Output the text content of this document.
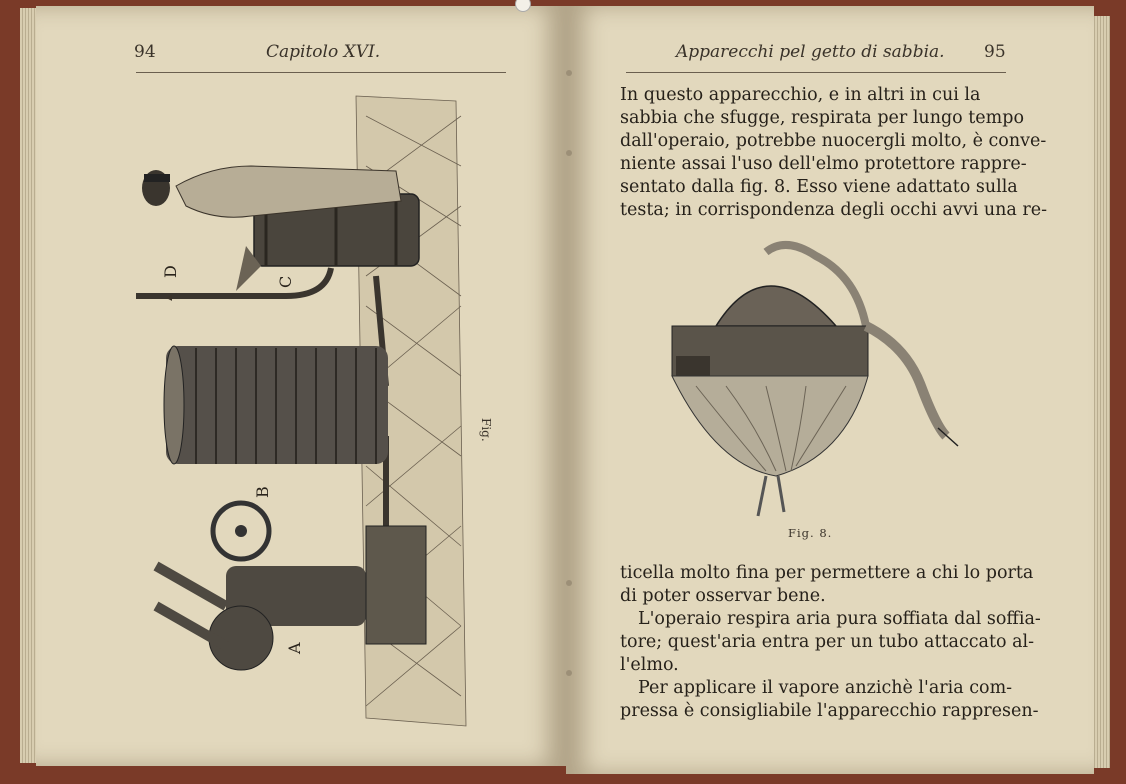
94	Capitolo XVI.
◂
D
C
B
A
Fig.
Apparecchi pel getto di sabbia. 95

In questo apparecchio, e in altri in cui la

sabbia che sfugge, respirata per lungo tempo

dall'operaio, potrebbe nuocergli molto, è conve-

niente assai l'uso dell'elmo protettore rappre-

sentato dalla fig. 8. Esso viene adattato sulla

testa; in corrispondenza degli occhi avvi una re-

Fig. 8.

ticella molto fina per permettere a chi lo porta

di poter osservar bene.

L'operaio respira aria pura soffiata dal soffia-

tore; quest'aria entra per un tubo attaccato al-

l'elmo.

Per applicare il vapore anzichè l'aria com-

pressa è consigliabile l'apparecchio rappresen-
